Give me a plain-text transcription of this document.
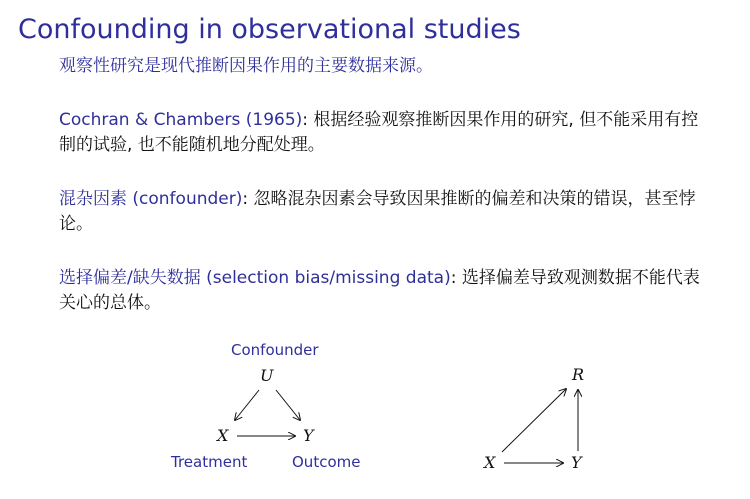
Confounding in observational studies
观察性研究是现代推断因果作用的主要数据来源。
Cochran & Chambers (1965): 根据经验观察推断因果作用的研究, 但不能采用有控制的试验, 也不能随机地分配处理。
混杂因素 (confounder): 忽略混杂因素会导致因果推断的偏差和决策的错误，甚至悖论。
选择偏差/缺失数据 (selection bias/missing data): 选择偏差导致观测数据不能代表关心的总体。
Confounder
U
X	Y
Treatment	Outcome
R
X	Y
